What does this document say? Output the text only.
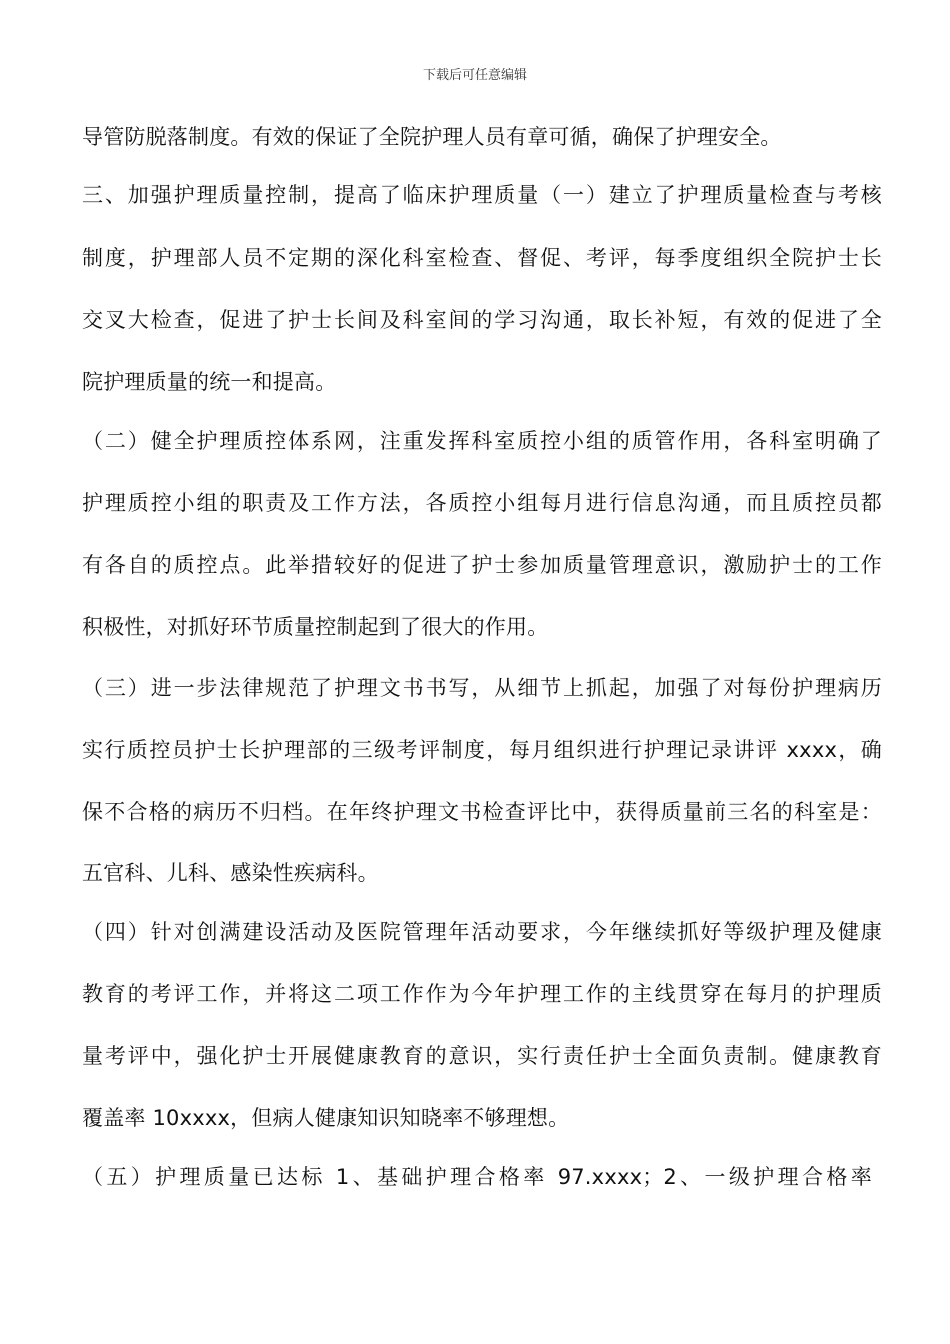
下载后可任意编辑
导管防脱落制度。有效的保证了全院护理人员有章可循，确保了护理安全。
三、加强护理质量控制，提高了临床护理质量（一）建立了护理质量检查与考核
制度，护理部人员不定期的深化科室检查、督促、考评，每季度组织全院护士长
交叉大检查，促进了护士长间及科室间的学习沟通，取长补短，有效的促进了全
院护理质量的统一和提高。
（二）健全护理质控体系网，注重发挥科室质控小组的质管作用，各科室明确了
护理质控小组的职责及工作方法，各质控小组每月进行信息沟通，而且质控员都
有各自的质控点。此举措较好的促进了护士参加质量管理意识，激励护士的工作
积极性，对抓好环节质量控制起到了很大的作用。
（三）进一步法律规范了护理文书书写，从细节上抓起，加强了对每份护理病历
实行质控员护士长护理部的三级考评制度，每月组织进行护理记录讲评 xxxx，确
保不合格的病历不归档。在年终护理文书检查评比中，获得质量前三名的科室是：
五官科、儿科、感染性疾病科。
（四）针对创满建设活动及医院管理年活动要求，今年继续抓好等级护理及健康
教育的考评工作，并将这二项工作作为今年护理工作的主线贯穿在每月的护理质
量考评中，强化护士开展健康教育的意识，实行责任护士全面负责制。健康教育
覆盖率 10xxxx，但病人健康知识知晓率不够理想。
（五）护理质量已达标 1、基础护理合格率 97.xxxx；2、一级护理合格率
